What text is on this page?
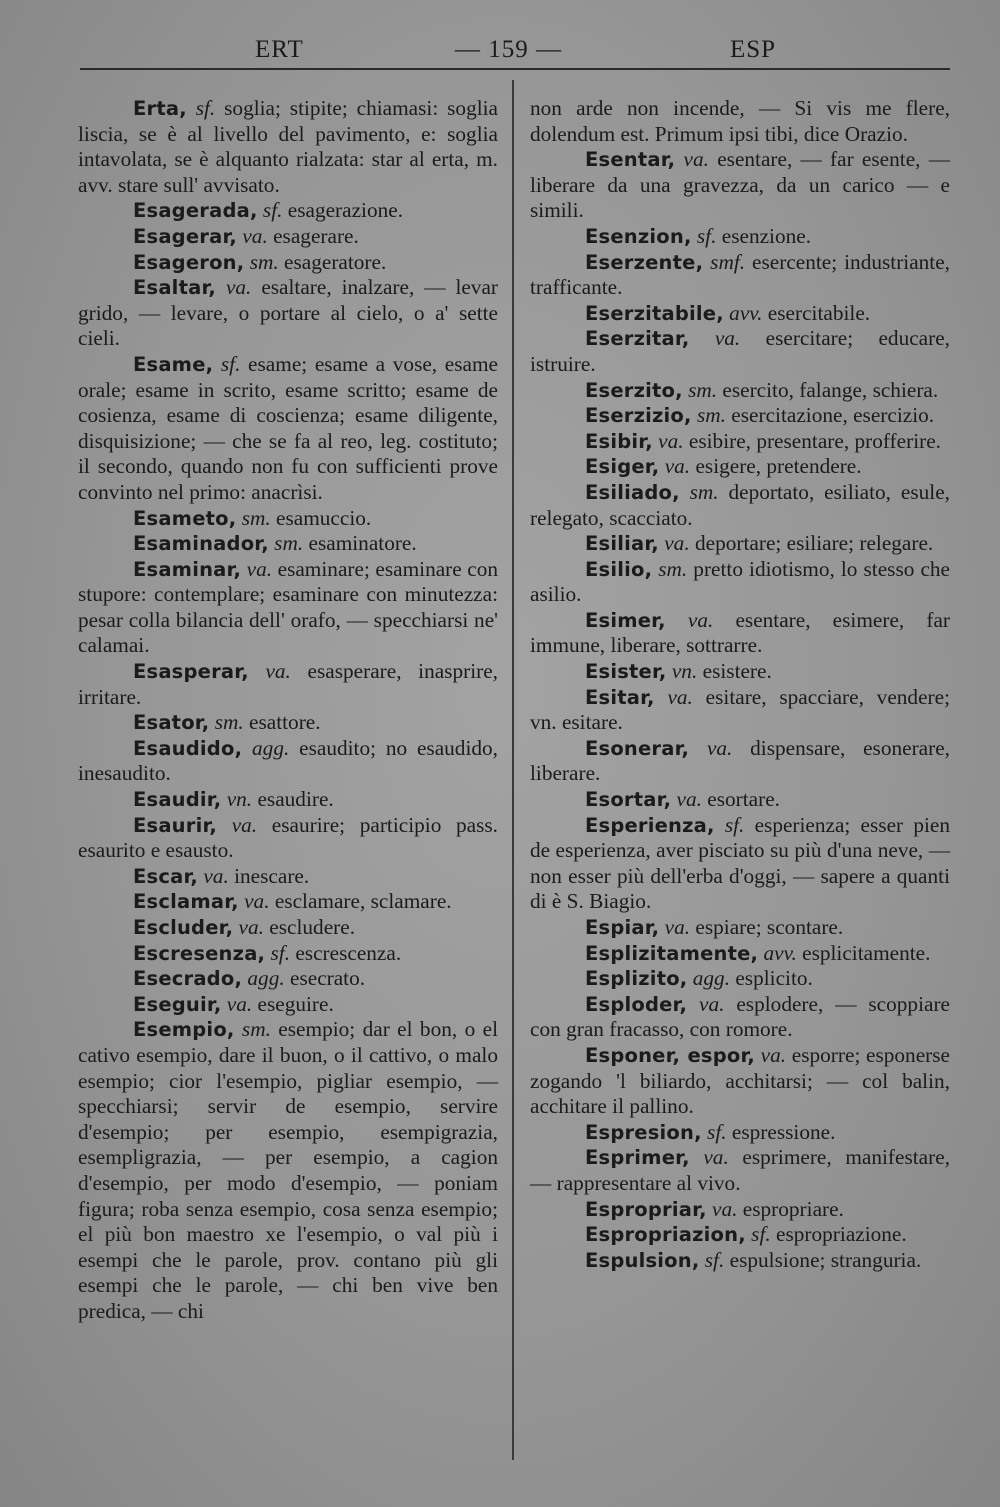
ERT	— 159 —	ESP

Erta, sf. soglia; stipite; chiamasi: soglia liscia, se è al livello del pavimento, e: soglia intavolata, se è alquanto rialzata: star al erta, m. avv. stare sull' avvisato.

Esagerada, sf. esagerazione.

Esagerar, va. esagerare.

Esageron, sm. esageratore.

Esaltar, va. esaltare, inalzare, — levar grido, — levare, o portare al cielo, o a' sette cieli.

Esame, sf. esame; esame a vose, esame orale; esame in scrito, esame scritto; esame de cosienza, esame di coscienza; esame diligente, disquisizione; — che se fa al reo, leg. costituto; il secondo, quando non fu con sufficienti prove convinto nel primo: anacrìsi.

Esameto, sm. esamuccio.

Esaminador, sm. esaminatore.

Esaminar, va. esaminare; esaminare con stupore: contemplare; esaminare con minutezza: pesar colla bilancia dell' orafo, — specchiarsi ne' calamai.

Esasperar, va. esasperare, inasprire, irritare.

Esator, sm. esattore.

Esaudido, agg. esaudito; no esaudido, inesaudito.

Esaudir, vn. esaudire.

Esaurir, va. esaurire; participio pass. esaurito e esausto.

Escar, va. inescare.

Esclamar, va. esclamare, sclamare.

Escluder, va. escludere.

Escresenza, sf. escrescenza.

Esecrado, agg. esecrato.

Eseguir, va. eseguire.

Esempio, sm. esempio; dar el bon, o el cativo esempio, dare il buon, o il cattivo, o malo esempio; cior l'esempio, pigliar esempio, — specchiarsi; servir de esempio, servire d'esempio; per esempio, esempigrazia, esempligrazia, — per esempio, a cagion d'esempio, per modo d'esempio, — poniam figura; roba senza esempio, cosa senza esempio; el più bon maestro xe l'esempio, o val più i esempi che le parole, prov. contano più gli esempi che le parole, — chi ben vive ben predica, — chi

non arde non incende, — Si vis me flere, dolendum est. Primum ipsi tibi, dice Orazio.

Esentar, va. esentare, — far esente, — liberare da una gravezza, da un carico — e simili.

Esenzion, sf. esenzione.

Eserzente, smf. esercente; industriante, trafficante.

Eserzitabile, avv. esercitabile.

Eserzitar, va. esercitare; educare, istruire.

Eserzito, sm. esercito, falange, schiera.

Eserzizio, sm. esercitazione, esercizio.

Esibir, va. esibire, presentare, profferire.

Esiger, va. esigere, pretendere.

Esiliado, sm. deportato, esiliato, esule, relegato, scacciato.

Esiliar, va. deportare; esiliare; relegare.

Esilio, sm. pretto idiotismo, lo stesso che asilio.

Esimer, va. esentare, esimere, far immune, liberare, sottrarre.

Esister, vn. esistere.

Esitar, va. esitare, spacciare, vendere; vn. esitare.

Esonerar, va. dispensare, esonerare, liberare.

Esortar, va. esortare.

Esperienza, sf. esperienza; esser pien de esperienza, aver pisciato su più d'una neve, — non esser più dell'erba d'oggi, — sapere a quanti di è S. Biagio.

Espiar, va. espiare; scontare.

Esplizitamente, avv. esplicitamente.

Esplizito, agg. esplicito.

Esploder, va. esplodere, — scoppiare con gran fracasso, con romore.

Esponer, espor, va. esporre; esponerse zogando 'l biliardo, acchitarsi; — col balin, acchitare il pallino.

Espresion, sf. espressione.

Esprimer, va. esprimere, manifestare, — rappresentare al vivo.

Espropriar, va. espropriare.

Espropriazion, sf. espropriazione.

Espulsion, sf. espulsione; stranguria.
